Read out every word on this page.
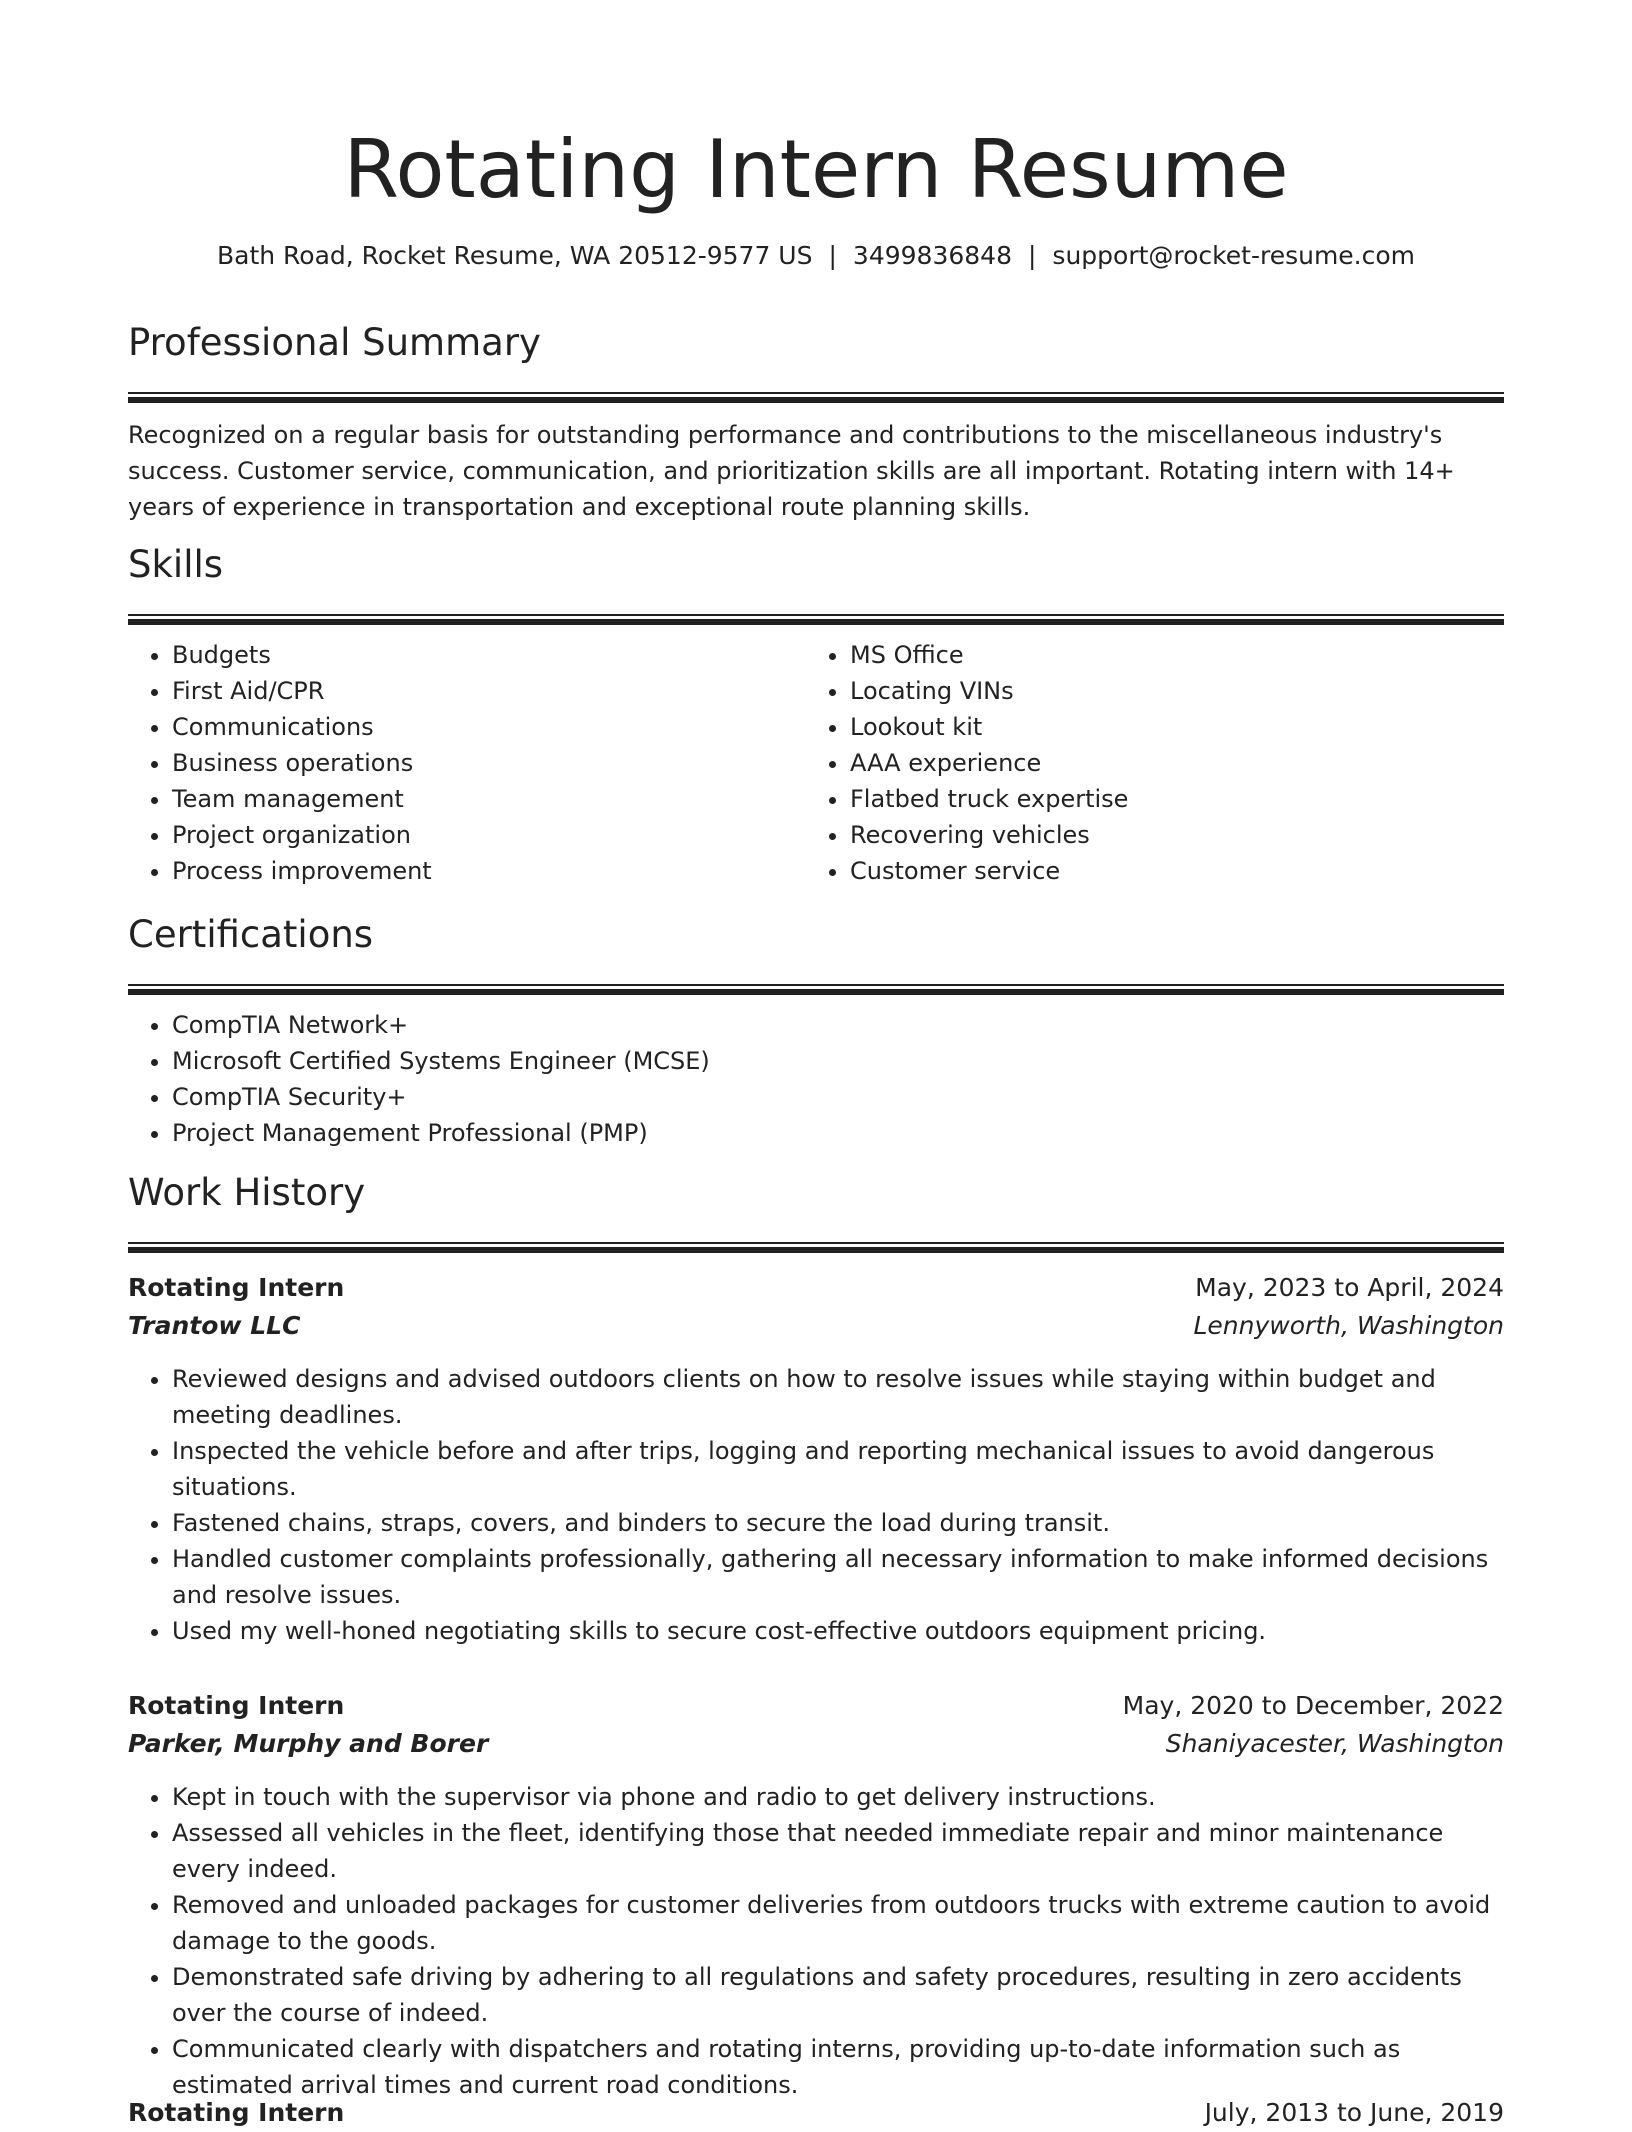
Rotating Intern Resume
Bath Road, Rocket Resume, WA 20512-9577 US | 3499836848 | support@rocket-resume.com
Professional Summary

Recognized on a regular basis for outstanding performance and contributions to the miscellaneous industry's success. Customer service, communication, and prioritization skills are all important. Rotating intern with 14+ years of experience in transportation and exceptional route planning skills.

Skills
• Budgets
• First Aid/CPR
• Communications
• Business operations
• Team management
• Project organization
• Process improvement
• MS Office
• Locating VINs
• Lookout kit
• AAA experience
• Flatbed truck expertise
• Recovering vehicles
• Customer service
Certifications
• CompTIA Network+
• Microsoft Certified Systems Engineer (MCSE)
• CompTIA Security+
• Project Management Professional (PMP)
Work History
Rotating Intern	May, 2023 to April, 2024
Trantow LLC	Lennyworth, Washington
• Reviewed designs and advised outdoors clients on how to resolve issues while staying within budget and meeting deadlines.
• Inspected the vehicle before and after trips, logging and reporting mechanical issues to avoid dangerous situations.
• Fastened chains, straps, covers, and binders to secure the load during transit.
• Handled customer complaints professionally, gathering all necessary information to make informed decisions and resolve issues.
• Used my well-honed negotiating skills to secure cost-effective outdoors equipment pricing.
Rotating Intern	May, 2020 to December, 2022
Parker, Murphy and Borer	Shaniyacester, Washington
• Kept in touch with the supervisor via phone and radio to get delivery instructions.
• Assessed all vehicles in the fleet, identifying those that needed immediate repair and minor maintenance every indeed.
• Removed and unloaded packages for customer deliveries from outdoors trucks with extreme caution to avoid damage to the goods.
• Demonstrated safe driving by adhering to all regulations and safety procedures, resulting in zero accidents over the course of indeed.
• Communicated clearly with dispatchers and rotating interns, providing up-to-date information such as estimated arrival times and current road conditions.
Rotating Intern	July, 2013 to June, 2019
